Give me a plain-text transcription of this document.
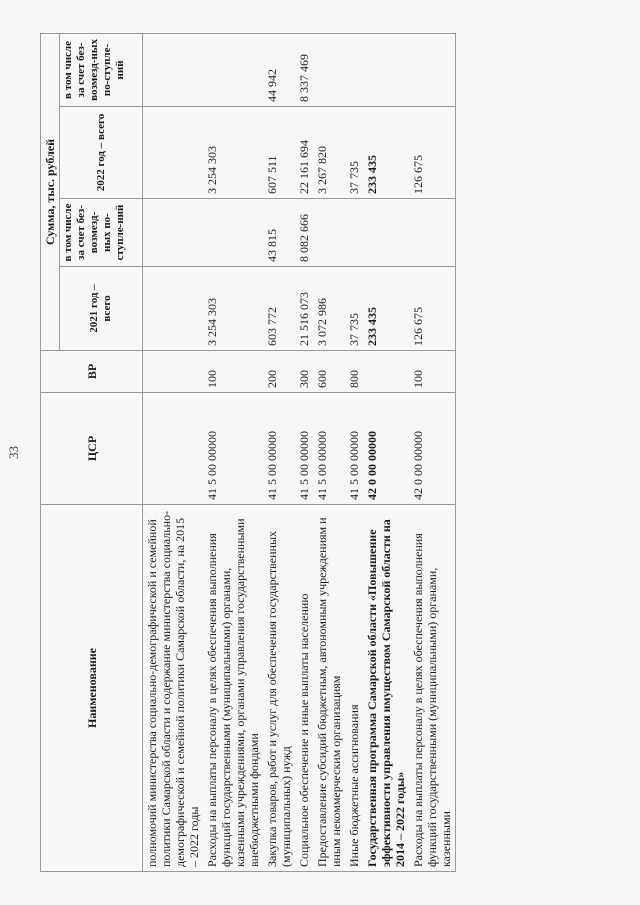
33
Наименование	ЦСР	ВР	Сумма, тыс. рублей			
			2021 год – всего	в том числе за счет без-возмезд-ных по-ступле-ний	2022 год – всего	в том числе за счет без-возмезд-ных по-ступле-ний
полномочий министерства социально-демографической и семейной политики Самарской области и содержание министерства социально-демографической и семейной политики Самарской области, на 2015 – 2022 годы						
Расходы на выплаты персоналу в целях обеспечения выполнения функций государственными (муниципальными) органами, казенными учреждениями, органами управления государственными внебюджетными фондами	41 5 00 00000	100	3 254 303		3 254 303	
Закупка товаров, работ и услуг для обеспечения государственных (муниципальных) нужд	41 5 00 00000	200	603 772	43 815	607 511	44 942
Социальное обеспечение и иные выплаты населению	41 5 00 00000	300	21 516 073	8 082 666	22 161 694	8 337 469
Предоставление субсидий бюджетным, автономным учреждениям и иным некоммерческим организациям	41 5 00 00000	600	3 072 986		3 267 820	
Иные бюджетные ассигнования	41 5 00 00000	800	37 735		37 735	
Государственная программа Самарской области «Повышение эффективности управления имуществом Самарской области на 2014 – 2022 годы»	42 0 00 00000		233 435		233 435	
Расходы на выплаты персоналу в целях обеспечения выполнения функций государственными (муниципальными) органами, казенными	42 0 00 00000	100	126 675		126 675	
